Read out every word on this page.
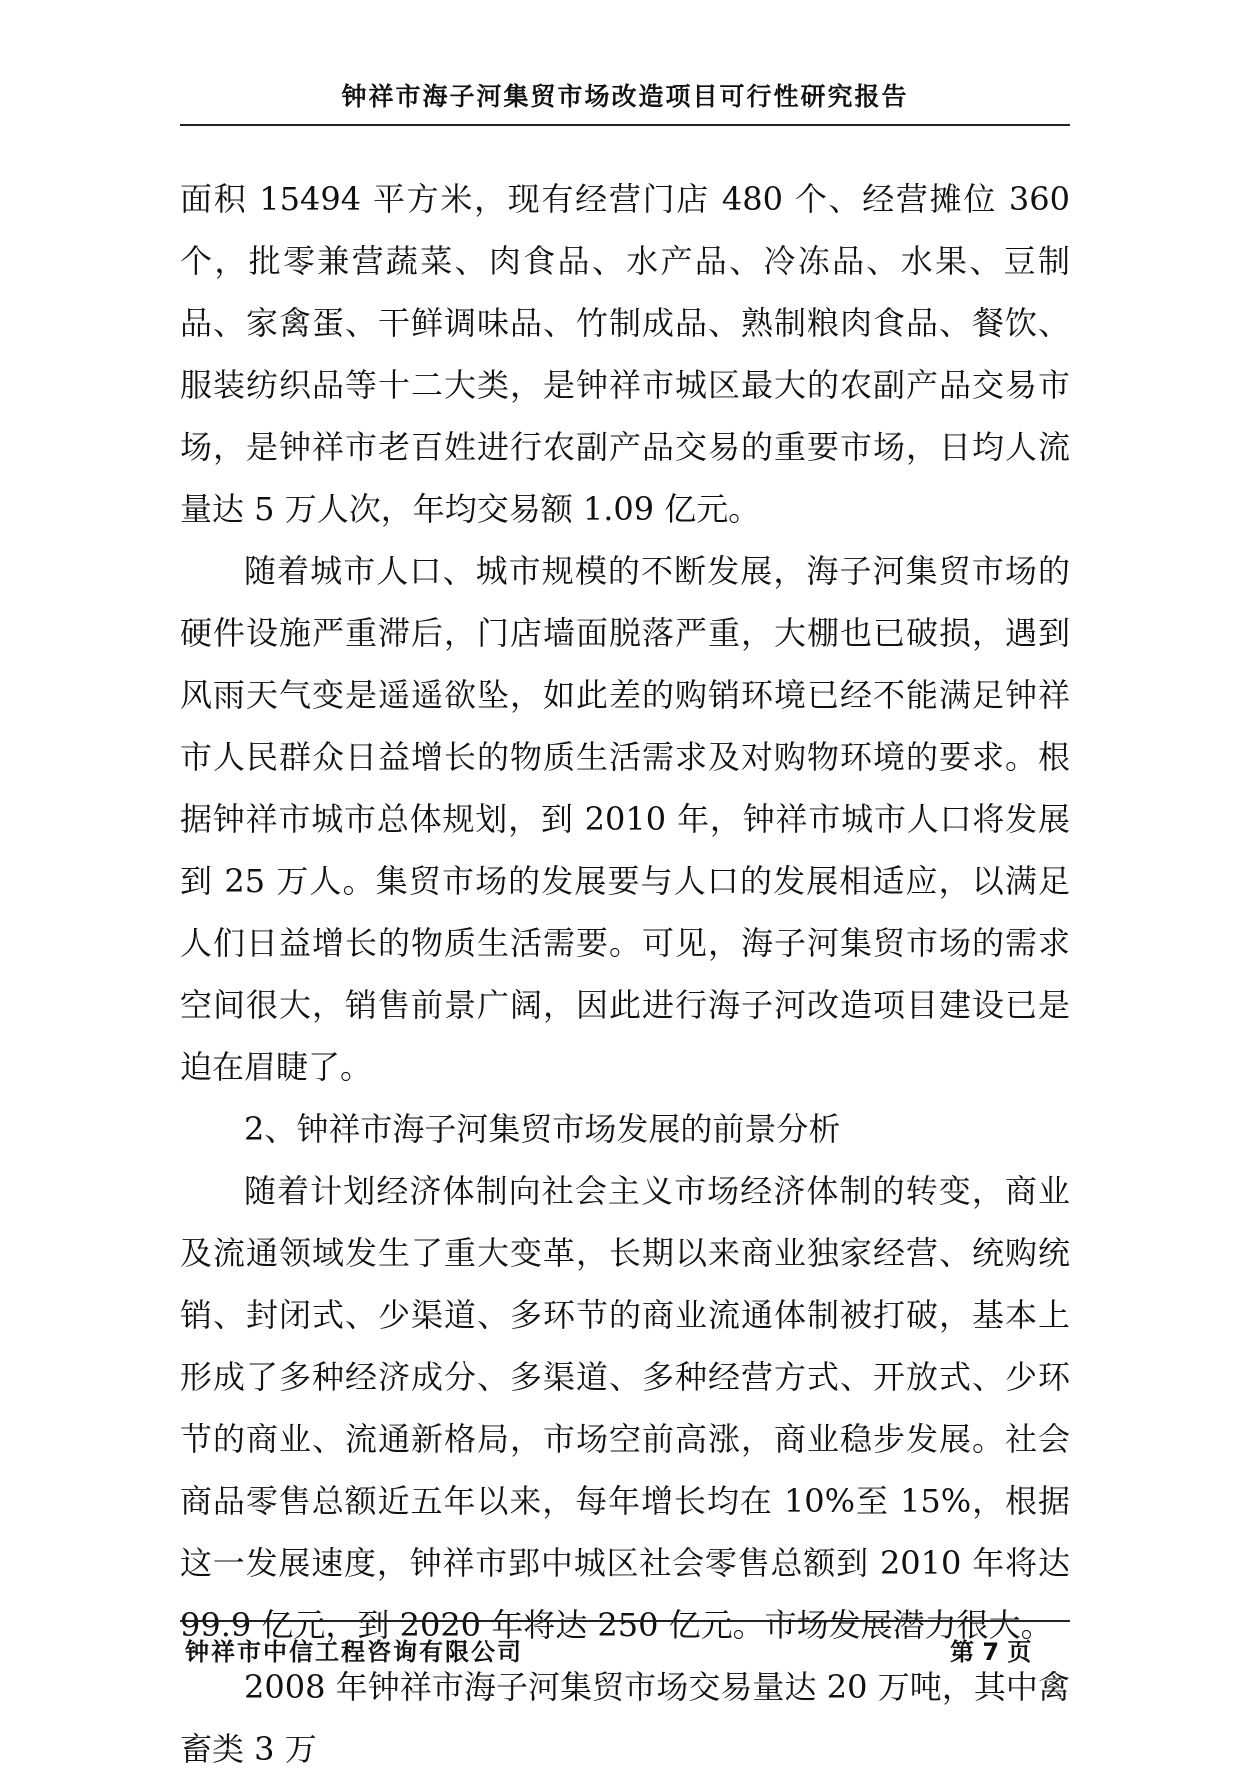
钟祥市海子河集贸市场改造项目可行性研究报告

面积 15494 平方米，现有经营门店 480 个、经营摊位 360 个，批零兼营蔬菜、肉食品、水产品、冷冻品、水果、豆制品、家禽蛋、干鲜调味品、竹制成品、熟制粮肉食品、餐饮、服装纺织品等十二大类，是钟祥市城区最大的农副产品交易市场，是钟祥市老百姓进行农副产品交易的重要市场，日均人流量达 5 万人次，年均交易额 1.09 亿元。

随着城市人口、城市规模的不断发展，海子河集贸市场的硬件设施严重滞后，门店墙面脱落严重，大棚也已破损，遇到风雨天气变是遥遥欲坠，如此差的购销环境已经不能满足钟祥市人民群众日益增长的物质生活需求及对购物环境的要求。根据钟祥市城市总体规划，到 2010 年，钟祥市城市人口将发展到 25 万人。集贸市场的发展要与人口的发展相适应，以满足人们日益增长的物质生活需要。可见，海子河集贸市场的需求空间很大，销售前景广阔，因此进行海子河改造项目建设已是迫在眉睫了。

2、钟祥市海子河集贸市场发展的前景分析

随着计划经济体制向社会主义市场经济体制的转变，商业及流通领域发生了重大变革，长期以来商业独家经营、统购统销、封闭式、少渠道、多环节的商业流通体制被打破，基本上形成了多种经济成分、多渠道、多种经营方式、开放式、少环节的商业、流通新格局，市场空前高涨，商业稳步发展。社会商品零售总额近五年以来，每年增长均在 10%至 15%，根据这一发展速度，钟祥市郢中城区社会零售总额到 2010 年将达 99.9 亿元，到 2020 年将达 250 亿元。市场发展潜力很大。

2008 年钟祥市海子河集贸市场交易量达 20 万吨，其中禽畜类 3 万

钟祥市中信工程咨询有限公司	第 7 页
